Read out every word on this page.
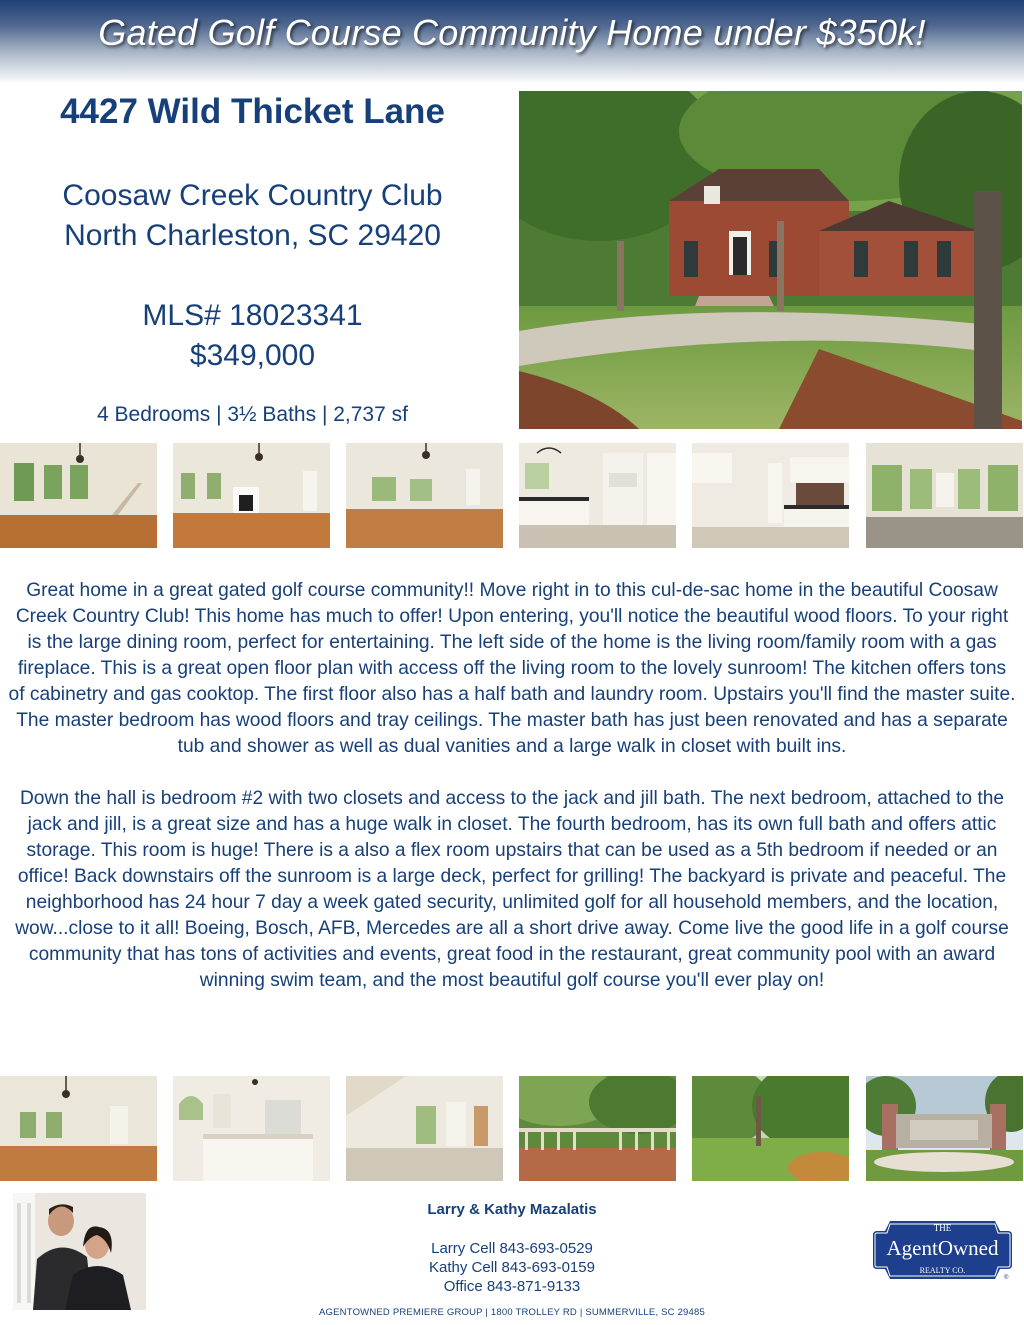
Gated Golf Course Community Home under $350k!
4427 Wild Thicket Lane
Coosaw Creek Country Club
North Charleston, SC 29420
MLS# 18023341
$349,000
4 Bedrooms | 3½ Baths | 2,737 sf

Great home in a great gated golf course community!! Move right in to this cul-de-sac home in the beautiful Coosaw Creek Country Club! This home has much to offer! Upon entering, you'll notice the beautiful wood floors. To your right is the large dining room, perfect for entertaining. The left side of the home is the living room/family room with a gas fireplace. This is a great open floor plan with access off the living room to the lovely sunroom! The kitchen offers tons of cabinetry and gas cooktop. The first floor also has a half bath and laundry room. Upstairs you'll find the master suite. The master bedroom has wood floors and tray ceilings. The master bath has just been renovated and has a separate tub and shower as well as dual vanities and a large walk in closet with built ins.

Down the hall is bedroom #2 with two closets and access to the jack and jill bath. The next bedroom, attached to the jack and jill, is a great size and has a huge walk in closet. The fourth bedroom, has its own full bath and offers attic storage. This room is huge! There is a also a flex room upstairs that can be used as a 5th bedroom if needed or an office! Back downstairs off the sunroom is a large deck, perfect for grilling! The backyard is private and peaceful. The neighborhood has 24 hour 7 day a week gated security, unlimited golf for all household members, and the location, wow...close to it all! Boeing, Bosch, AFB, Mercedes are all a short drive away. Come live the good life in a golf course community that has tons of activities and events, great food in the restaurant, great community pool with an award winning swim team, and the most beautiful golf course you'll ever play on!

Larry & Kathy Mazalatis
Larry Cell 843-693-0529
Kathy Cell 843-693-0159
Office 843-871-9133
THE
AgentOwned
REALTY CO.
®
AGENTOWNED PREMIERE GROUP | 1800 TROLLEY RD | SUMMERVILLE, SC 29485
